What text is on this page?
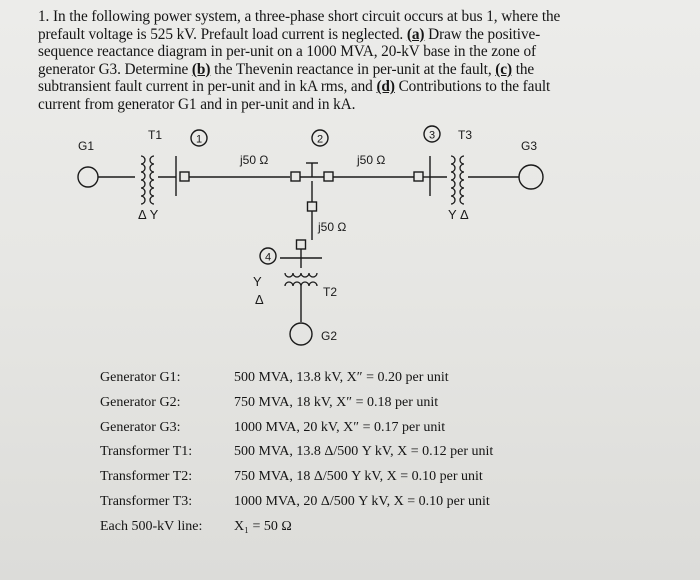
1. In the following power system, a three-phase short circuit occurs at bus 1, where the prefault voltage is 525 kV. Prefault load current is neglected. (a) Draw the positive-sequence reactance diagram in per-unit on a 1000 MVA, 20-kV base in the zone of generator G3. Determine (b) the Thevenin reactance in per-unit at the fault, (c) the subtransient fault current in per-unit and in kA rms, and (d) Contributions to the fault current from generator G1 and in per-unit and in kA.
G1
T1
Δ Y
1
j50 Ω
2
j50 Ω
3 T3
Y Δ
G3
j50 Ω
4
Y
Δ	T2
G2
Generator G1:	500 MVA, 13.8 kV, X″ = 0.20 per unit
Generator G2:	750 MVA, 18 kV, X″ = 0.18 per unit
Generator G3:	1000 MVA, 20 kV, X″ = 0.17 per unit
Transformer T1:	500 MVA, 13.8 Δ/500 Y kV, X = 0.12 per unit
Transformer T2:	750 MVA, 18 Δ/500 Y kV, X = 0.10 per unit
Transformer T3:	1000 MVA, 20 Δ/500 Y kV, X = 0.10 per unit
Each 500-kV line: X₁ = 50 Ω
